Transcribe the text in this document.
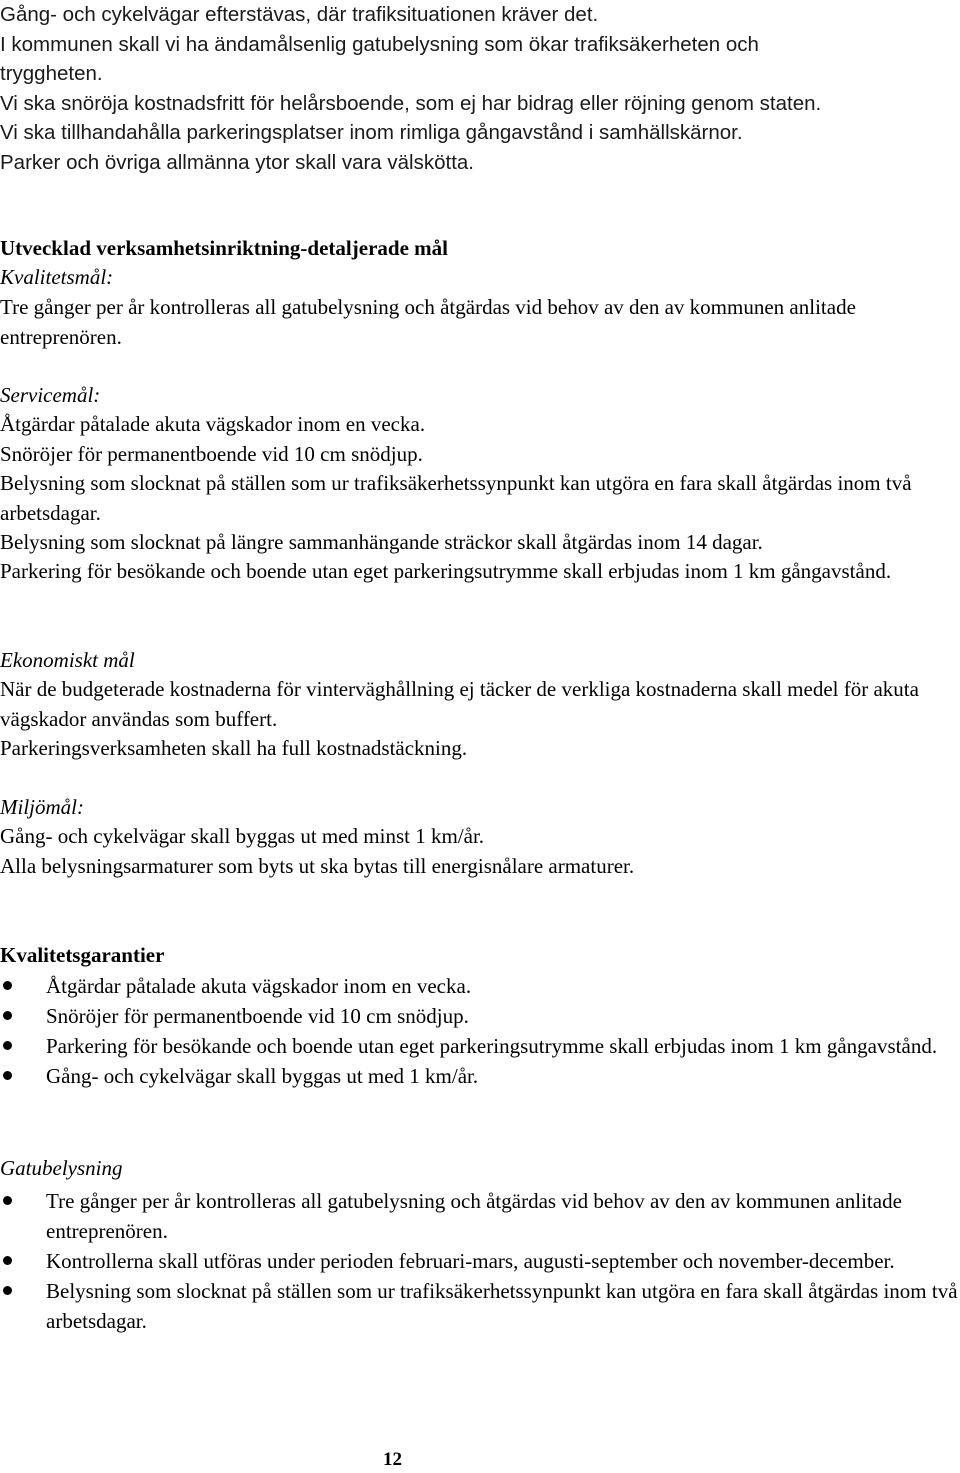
Gång- och cykelvägar efterstävas, där trafiksituationen kräver det.

I kommunen skall vi ha ändamålsenlig gatubelysning som ökar trafiksäkerheten och

tryggheten.

Vi ska snöröja kostnadsfritt för helårsboende, som ej har bidrag eller röjning genom staten.

Vi ska tillhandahålla parkeringsplatser inom rimliga gångavstånd i samhällskärnor.

Parker och övriga allmänna ytor skall vara välskötta.

Utvecklad verksamhetsinriktning-detaljerade mål

Kvalitetsmål:

Tre gånger per år kontrolleras all gatubelysning och åtgärdas vid behov av den av kommunen anlitade entreprenören.

Servicemål:

Åtgärdar påtalade akuta vägskador inom en vecka.

Snöröjer för permanentboende vid 10 cm snödjup.

Belysning som slocknat på ställen som ur trafiksäkerhetssynpunkt kan utgöra en fara skall åtgärdas inom två arbetsdagar.

Belysning som slocknat på längre sammanhängande sträckor skall åtgärdas inom 14 dagar.

Parkering för besökande och boende utan eget parkeringsutrymme skall erbjudas inom 1 km gångavstånd.

Ekonomiskt mål

När de budgeterade kostnaderna för vinterväghållning ej täcker de verkliga kostnaderna skall medel för akuta vägskador användas som buffert.

Parkeringsverksamheten skall ha full kostnadstäckning.

Miljömål:

Gång- och cykelvägar skall byggas ut med minst 1 km/år.

Alla belysningsarmaturer som byts ut ska bytas till energisnålare armaturer.

Kvalitetsgarantier

Åtgärdar påtalade akuta vägskador inom en vecka.
Snöröjer för permanentboende vid 10 cm snödjup.
Parkering för besökande och boende utan eget parkeringsutrymme skall erbjudas inom 1 km gångavstånd.
Gång- och cykelvägar skall byggas ut med 1 km/år.

Gatubelysning

Tre gånger per år kontrolleras all gatubelysning och åtgärdas vid behov av den av kommunen anlitade entreprenören.
Kontrollerna skall utföras under perioden februari-mars, augusti-september och november-december.
Belysning som slocknat på ställen som ur trafiksäkerhetssynpunkt kan utgöra en fara skall åtgärdas inom två arbetsdagar.
12
